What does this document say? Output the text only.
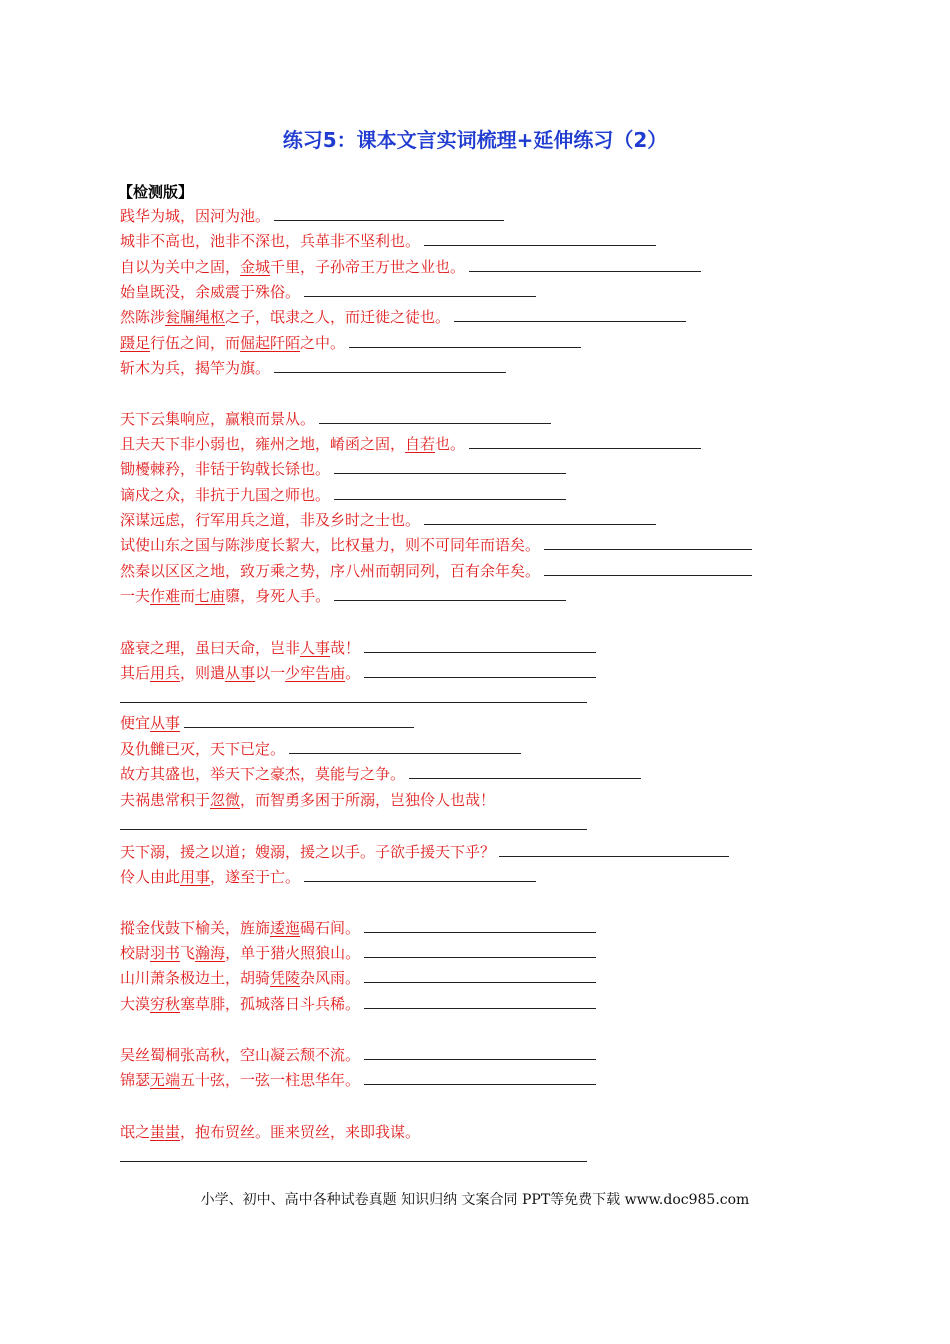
练习5：课本文言实词梳理+延伸练习（2）
【检测版】
践华为城，因河为池。
城非不高也，池非不深也，兵革非不坚利也。
自以为关中之固，金城千里，子孙帝王万世之业也。
始皇既没，余威震于殊俗。
然陈涉瓮牖绳枢之子，氓隶之人，而迁徙之徒也。
蹑足行伍之间，而倔起阡陌之中。
斩木为兵，揭竿为旗。
天下云集响应，赢粮而景从。
且夫天下非小弱也，雍州之地，崤函之固，自若也。
锄櫌棘矜，非铦于钩戟长铩也。
谪戍之众，非抗于九国之师也。
深谋远虑，行军用兵之道，非及乡时之士也。
试使山东之国与陈涉度长絜大，比权量力，则不可同年而语矣。
然秦以区区之地，致万乘之势，序八州而朝同列，百有余年矣。
一夫作难而七庙隳，身死人手。
盛衰之理，虽曰天命，岂非人事哉！
其后用兵，则遣从事以一少牢告庙。
便宜从事
及仇雠已灭，天下已定。
故方其盛也，举天下之豪杰，莫能与之争。
夫祸患常积于忽微，而智勇多困于所溺，岂独伶人也哉！
天下溺，援之以道；嫂溺，援之以手。子欲手援天下乎？
伶人由此用事，遂至于亡。
摐金伐鼓下榆关，旌旆逶迤碣石间。
校尉羽书飞瀚海，单于猎火照狼山。
山川萧条极边土，胡骑凭陵杂风雨。
大漠穷秋塞草腓，孤城落日斗兵稀。
吴丝蜀桐张高秋，空山凝云颓不流。
锦瑟无端五十弦，一弦一柱思华年。
氓之蚩蚩，抱布贸丝。匪来贸丝，来即我谋。
小学、初中、高中各种试卷真题 知识归纳 文案合同 PPT等免费下载 www.doc985.com
